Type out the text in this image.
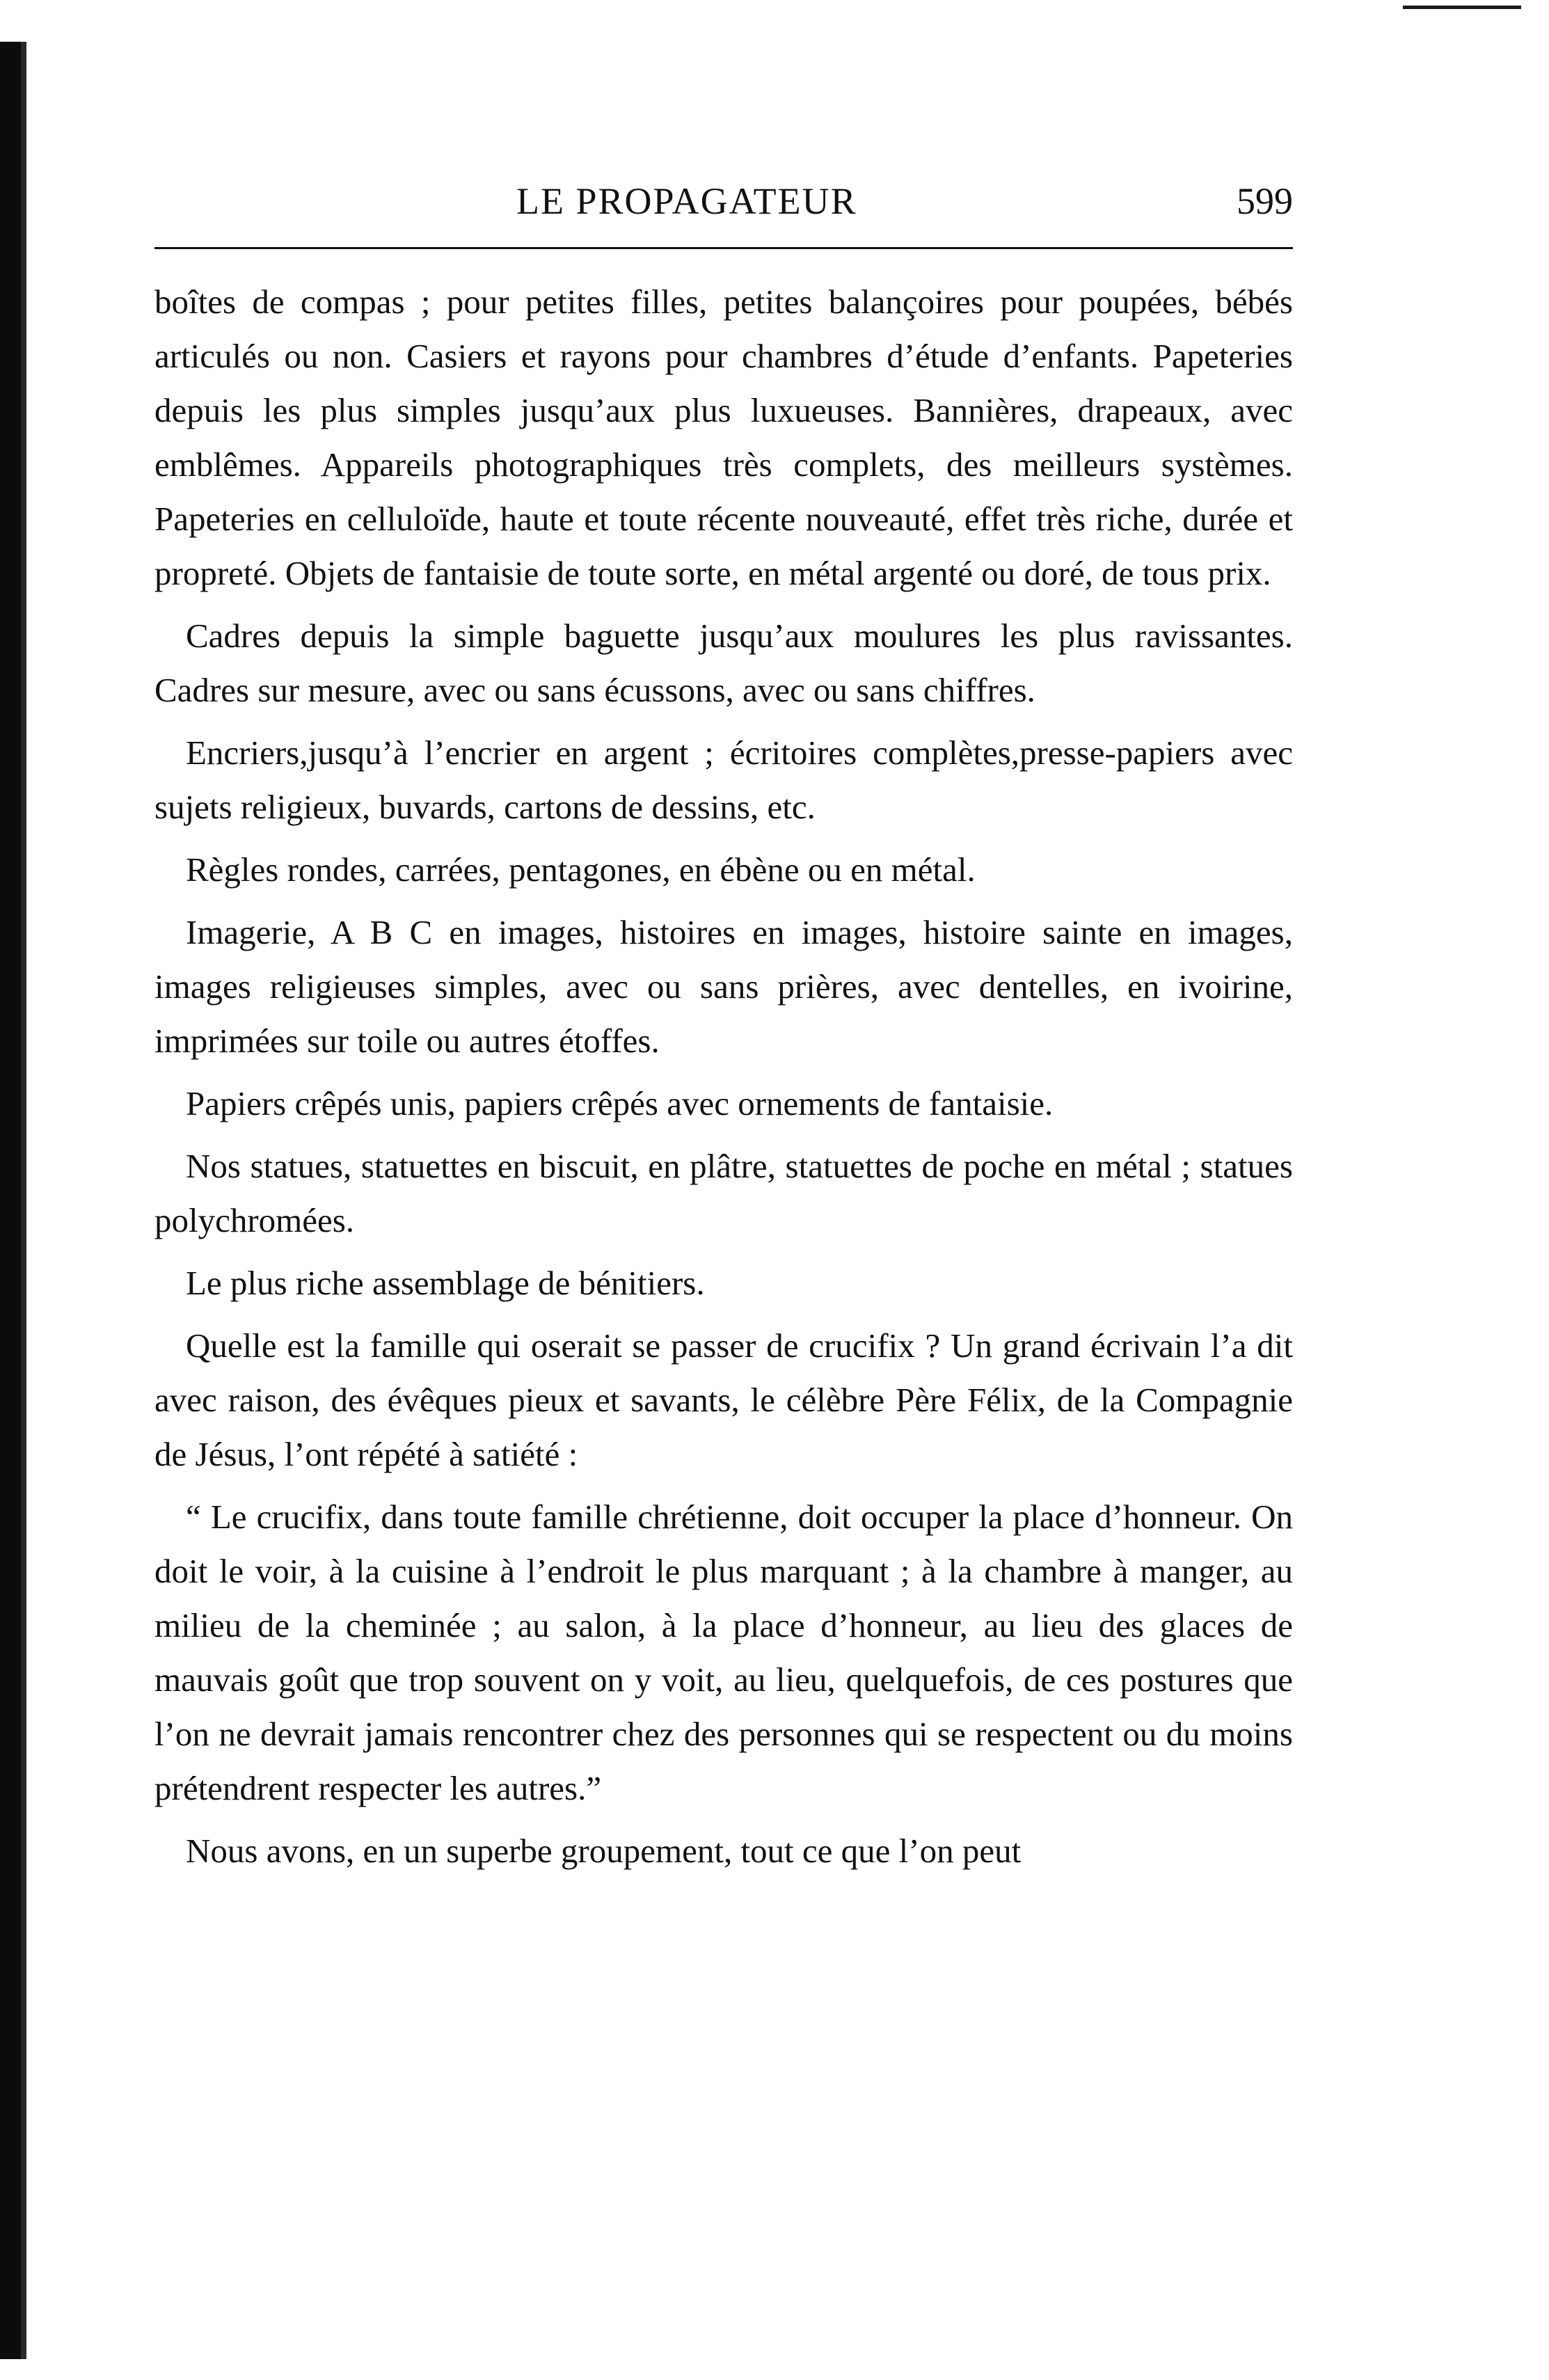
LE PROPAGATEUR	599

boîtes de compas ; pour petites filles, petites balançoires pour poupées, bébés articulés ou non. Casiers et rayons pour chambres d’étude d’enfants. Papeteries depuis les plus simples jusqu’aux plus luxueuses. Bannières, drapeaux, avec emblêmes. Appareils photographiques très complets, des meilleurs systèmes. Papeteries en celluloïde, haute et toute récente nouveauté, effet très riche, durée et propreté. Objets de fantaisie de toute sorte, en métal argenté ou doré, de tous prix.

Cadres depuis la simple baguette jusqu’aux moulures les plus ravissantes. Cadres sur mesure, avec ou sans écussons, avec ou sans chiffres.

Encriers,jusqu’à l’encrier en argent ; écritoires complètes,presse-papiers avec sujets religieux, buvards, cartons de dessins, etc.

Règles rondes, carrées, pentagones, en ébène ou en métal.

Imagerie, A B C en images, histoires en images, histoire sainte en images, images religieuses simples, avec ou sans prières, avec dentelles, en ivoirine, imprimées sur toile ou autres étoffes.

Papiers crêpés unis, papiers crêpés avec ornements de fantaisie.

Nos statues, statuettes en biscuit, en plâtre, statuettes de poche en métal ; statues polychromées.

Le plus riche assemblage de bénitiers.

Quelle est la famille qui oserait se passer de crucifix ? Un grand écrivain l’a dit avec raison, des évêques pieux et savants, le célèbre Père Félix, de la Compagnie de Jésus, l’ont répété à satiété :

“ Le crucifix, dans toute famille chrétienne, doit occuper la place d’honneur. On doit le voir, à la cuisine à l’endroit le plus marquant ; à la chambre à manger, au milieu de la cheminée ; au salon, à la place d’honneur, au lieu des glaces de mauvais goût que trop souvent on y voit, au lieu, quelquefois, de ces postures que l’on ne devrait jamais rencontrer chez des personnes qui se respectent ou du moins prétendrent respecter les autres.”

Nous avons, en un superbe groupement, tout ce que l’on peut
